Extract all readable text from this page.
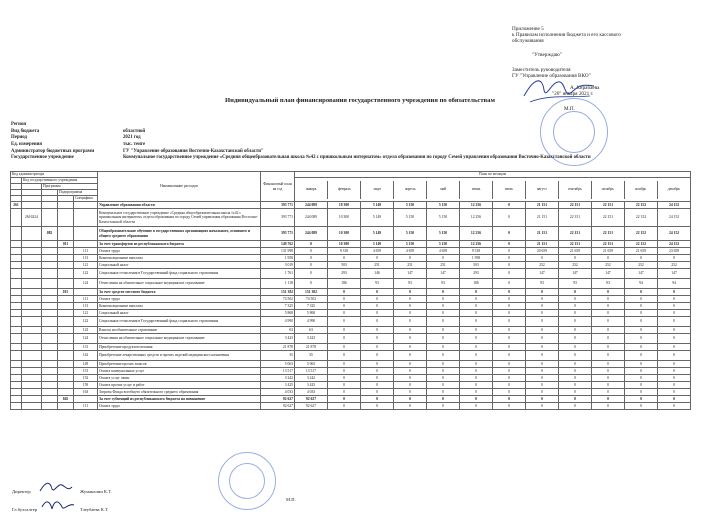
Приложение 5
к Правилам исполнения бюджета и его кассового
обслуживания
"Утверждаю"
Заместитель руководителя
ГУ "Управление образования ВКО"
А. Кирабаева
"26" января 2021 г.
М.П.
Индивидуальный план финансирования государственного учреждения по обязательствам
Регион
Вид бюджета	областной
Период	2021 год
Ед. измерения	тыс. тенге
Администратор бюджетных программ	ГУ "Управление образования Восточно-Казахстанской области"
Государственное учреждение	Коммунальное государственное учреждение «Средняя общеобразовательная школа №42 с пришкольным интернатом» отдела образования по городу Семей управления образования Восточно-Казахстанской области
Код администратора	Наименование расходов	Финансовый план на год	План по месяцам
	Код государственного учреждения	
январь	февраль	март	апрель	май	июнь	июль	август	сентябрь	октябрь	ноябрь	декабрь

		Программа
			Подпрограмма
				Специфика
261					Управление образования области	393 771	244 089	10 300	5 149	5 150	5 150	12 256	0	21 151	22 151	22 151	22 152	24 152
	2616324				Коммунальное государственное учреждение «Средняя общеобразовательная школа №42 с пришкольным интернатом» отдела образования по городу Семей управления образования Восточно-Казахстанской области	393 771	244 089	10 300	5 149	5 150	5 150	12 256	0	21 151	22 151	22 151	22 152	24 152
		082			Общеобразовательное обучение в государственных организациях начального, основного и общего среднего образования	393 771	244 089	10 300	5 149	5 150	5 150	12 256	0	21 151	22 151	22 151	22 152	24 152
			011		За счет трансфертов из республиканского бюджета	149 762	0	10 300	5 149	5 150	5 150	12 256	0	21 151	22 151	22 151	22 152	24 152
				111	Оплата труда	131 998	0	9 318	4 659	4 659	4 659	9 318	0	20 659	21 659	21 659	21 659	23 659
				113	Компенсационные выплаты	1 958	0	0	0	0	0	1 958	0	0	0	0	0	0
				121	Социальный налог	3 019	0	503	251	251	251	503	0	252	252	252	252	252
				122	Социальные отчисления в Государственный фонд социального страхования	1 761	0	293	146	147	147	293	0	147	147	147	147	147
				124	Отчисления на обязательное социальное медицинское страхование	1 118	0	186	93	93	93	186	0	93	93	93	94	94
			015		За счет средств местного бюджета	151 382	151 382	0	0	0	0	0	0	0	0	0	0	0
				111	Оплата труда	74 502	74 502	0	0	0	0	0	0	0	0	0	0	0
				113	Компенсационные выплаты	7 325	7 325	0	0	0	0	0	0	0	0	0	0	0
				121	Социальный налог	5 868	5 868	0	0	0	0	0	0	0	0	0	0	0
				122	Социальные отчисления в Государственный фонд социального страхования	4 990	4 990	0	0	0	0	0	0	0	0	0	0	0
				123	Взносы на обязательное страхование	63	63	0	0	0	0	0	0	0	0	0	0	0
				124	Отчисления на обязательное социальное медицинское страхование	3 423	3 423	0	0	0	0	0	0	0	0	0	0	0
				131	Приобретение продуктов питания	21 878	21 878	0	0	0	0	0	0	0	0	0	0	0
				142	Приобретение лекарственных средств и прочих изделий медицинского назначения	35	35	0	0	0	0	0	0	0	0	0	0	0
				149	Приобретение прочих запасов	5 063	5 063	0	0	0	0	0	0	0	0	0	0	0
				151	Оплата коммунальных услуг	13 517	13 517	0	0	0	0	0	0	0	0	0	0	0
				152	Оплата услуг связи	3 242	3 242	0	0	0	0	0	0	0	0	0	0	0
				159	Оплата прочих услуг и работ	3 425	3 425	0	0	0	0	0	0	0	0	0	0	0
				163	Затраты Фонда всеобщего обязательного среднего образования	4 033	4 033	0	0	0	0	0	0	0	0	0	0	0
			045		За счет субвенций из республиканского бюджета на повышение	92 627	92 627	0	0	0	0	0	0	0	0	0	0	0
				111	Оплата труда	92 627	92 627	0	0	0	0	0	0	0	0	0	0	0
Директор	Жуманалин К.Т.
Гл.бухгалтер	Тлеубаева К.Т.
М.П.
